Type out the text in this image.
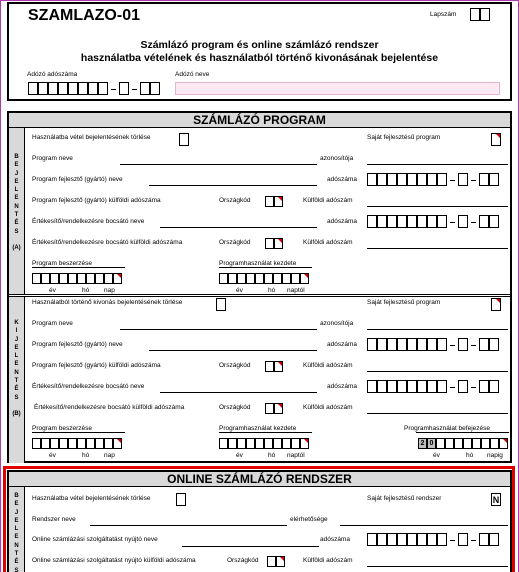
SZAMLAZO-01	Lapszám
Számlázó program és online számlázó rendszer
használatba vételének és használatból történő kivonásának bejelentése
Adózó adószáma	Adózó neve
SZÁMLÁZÓ PROGRAM
B
E
J
E
L
E
N
T
É
S
(A)
K
I
J
E
L
E
N
T
É
S
(B)
Használatba vétel bejelentésének törlése	Saját fejlesztésű program
Program neve	azonosítója
Program fejlesztő (gyártó) neve	adószáma
Program fejlesztő (gyártó) külföldi adószáma	Országkód	Külföldi adószám
Értékesítő/rendelkezésre bocsátó neve	adószáma
Értékesítő/rendelkezésre bocsátó külföldi adószáma	Országkód	Külföldi adószám
Program beszerzése
év	hó nap
Programhasználat kezdete
év	hó naptól
Használatból történő kivonás bejelentésének törlése	Saját fejlesztésű program
Program neve	azonosítója
Program fejlesztő (gyártó) neve	adószáma
Program fejlesztő (gyártó) külföldi adószáma	Országkód	Külföldi adószám
Értékesítő/rendelkezésre bocsátó neve	adószáma
Értékesítő/rendelkezésre bocsátó külföldi adószáma	Országkód	Külföldi adószám
Program beszerzése
év	hó nap
Programhasználat kezdete
év	hó naptól
Programhasználat befejezése
2 0
év	hó napig
ONLINE SZÁMLÁZÓ RENDSZER
B
E
J
E
L
E
N
T
É
S
Használatba vétel bejelentésének törlése	Saját fejlesztésű rendszer	N
Rendszer neve	elérhetősége
Online számlázási szolgáltatást nyújtó neve	adószáma
Online számlázási szolgáltatást nyújtó külföldi adószáma	Országkód	Külföldi adószám
